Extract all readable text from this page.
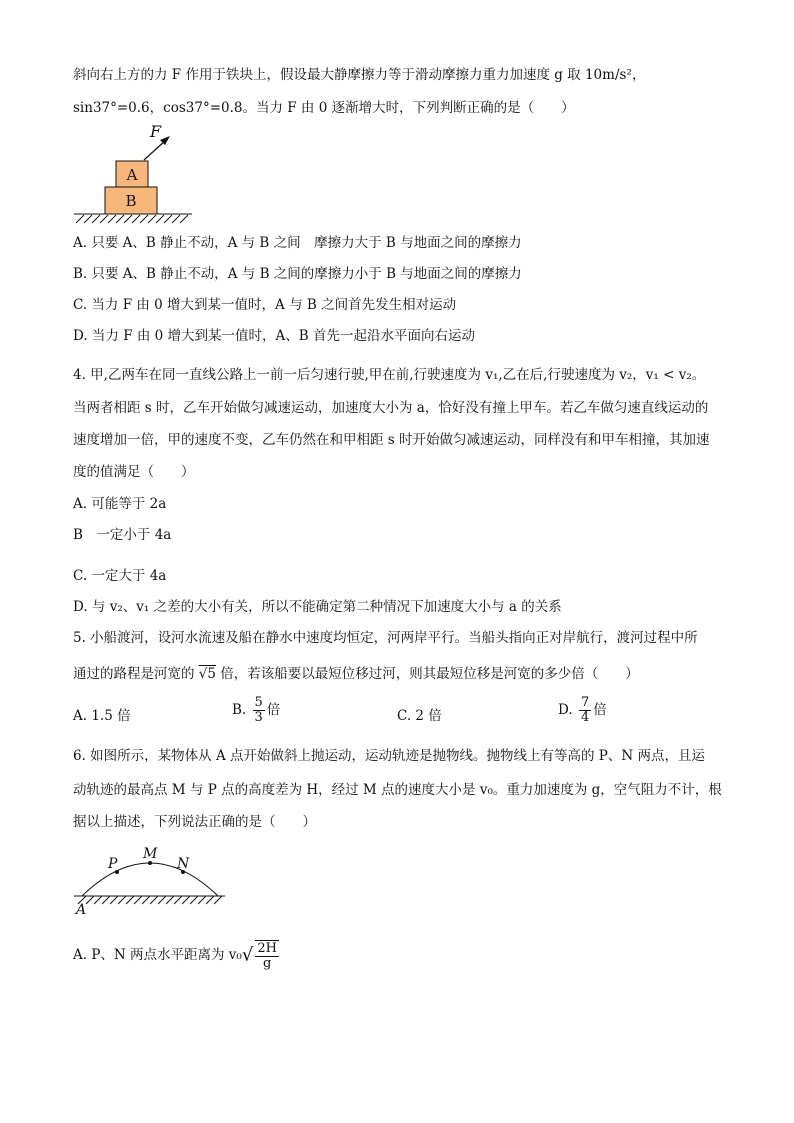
斜向右上方的力 F 作用于铁块上，假设最大静摩擦力等于滑动摩擦力重力加速度 g 取 10m/s²，
sin37°=0.6，cos37°=0.8。当力 F 由 0 逐渐增大时，下列判断正确的是（　　）
F
A
B
A. 只要 A、B 静止不动，A 与 B 之间　摩擦力大于 B 与地面之间的摩擦力
B. 只要 A、B 静止不动，A 与 B 之间的摩擦力小于 B 与地面之间的摩擦力
C. 当力 F 由 0 增大到某一值时，A 与 B 之间首先发生相对运动
D. 当力 F 由 0 增大到某一值时，A、B 首先一起沿水平面向右运动
4. 甲,乙两车在同一直线公路上一前一后匀速行驶,甲在前,行驶速度为 v₁,乙在后,行驶速度为 v₂，v₁ < v₂。
当两者相距 s 时，乙车开始做匀减速运动，加速度大小为 a，恰好没有撞上甲车。若乙车做匀速直线运动的
速度增加一倍，甲的速度不变，乙车仍然在和甲相距 s 时开始做匀减速运动，同样没有和甲车相撞，其加速
度的值满足（　　）
A. 可能等于 2a
B　一定小于 4a
C. 一定大于 4a
D. 与 v₂、v₁ 之差的大小有关，所以不能确定第二种情况下加速度大小与 a 的关系
5. 小船渡河，设河水流速及船在静水中速度均恒定，河两岸平行。当船头指向正对岸航行，渡河过程中所
通过的路程是河宽的 √5 倍，若该船要以最短位移过河，则其最短位移是河宽的多少倍（　　）
A. 1.5 倍	B. $\frac{5}{3}$ 倍	C. 2 倍	D. $\frac{7}{4}$ 倍
6. 如图所示，某物体从 A 点开始做斜上抛运动，运动轨迹是抛物线。抛物线上有等高的 P、N 两点，且运
动轨迹的最高点 M 与 P 点的高度差为 H，经过 M 点的速度大小是 v₀。重力加速度为 g，空气阻力不计，根
据以上描述，下列说法正确的是（　　）
P
M
N
A
A. P、N 两点水平距离为 $v_0√ \frac{2H}{g}$
